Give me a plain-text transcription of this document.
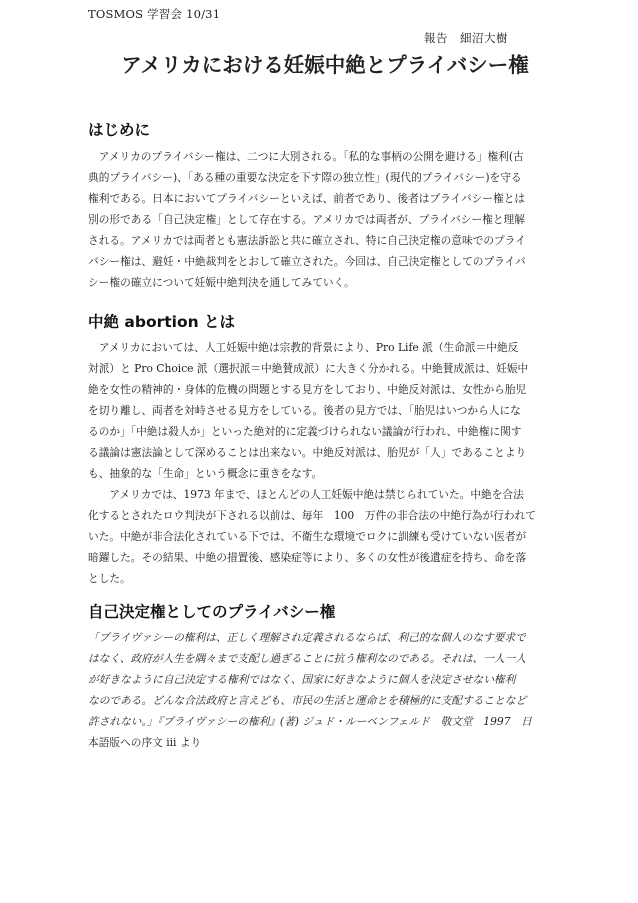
TOSMOS 学習会 10/31
報告　細沼大樹
アメリカにおける妊娠中絶とプライバシー権
はじめに
　アメリカのプライバシー権は、二つに大別される。「私的な事柄の公開を避ける」権利(古
典的プライバシー)、「ある種の重要な決定を下す際の独立性」(現代的プライバシー)を守る
権利である。日本においてプライバシーといえば、前者であり、後者はプライバシー権とは
別の形である「自己決定権」として存在する。アメリカでは両者が、プライバシー権と理解
される。アメリカでは両者とも憲法訴訟と共に確立され、特に自己決定権の意味でのプライ
バシー権は、避妊・中絶裁判をとおして確立された。今回は、自己決定権としてのプライバ
シー権の確立について妊娠中絶判決を通してみていく。
中絶 abortion とは
　アメリカにおいては、人工妊娠中絶は宗教的背景により、Pro Life 派（生命派＝中絶反
対派）と Pro Choice 派（選択派＝中絶賛成派）に大きく分かれる。中絶賛成派は、妊娠中
絶を女性の精神的・身体的危機の問題とする見方をしており、中絶反対派は、女性から胎児
を切り離し、両者を対峙させる見方をしている。後者の見方では、「胎児はいつから人にな
るのか」「中絶は殺人か」といった絶対的に定義づけられない議論が行われ、中絶権に関す
る議論は憲法論として深めることは出来ない。中絶反対派は、胎児が「人」であることより
も、抽象的な「生命」という概念に重きをなす。
　　アメリカでは、1973 年まで、ほとんどの人工妊娠中絶は禁じられていた。中絶を合法
化するとされたロウ判決が下される以前は、毎年　100　万件の非合法の中絶行為が行われて
いた。中絶が非合法化されている下では、不衛生な環境でロクに訓練も受けていない医者が
暗躍した。その結果、中絶の措置後、感染症等により、多くの女性が後遺症を持ち、命を落
とした。
自己決定権としてのプライバシー権
「プライヴァシーの権利は、正しく理解され定義されるならば、利己的な個人のなす要求で
はなく、政府が人生を隅々まで支配し過ぎることに抗う権利なのである。それは、一人一人
が好きなように自己決定する権利ではなく、国家に好きなように個人を決定させない権利
なのである。どんな合法政府と言えども、市民の生活と運命とを積極的に支配することなど
許されない。」『プライヴァシーの権利』(著) ジュド・ルーベンフェルド　敬文堂　1997　日
本語版への序文 iii より
